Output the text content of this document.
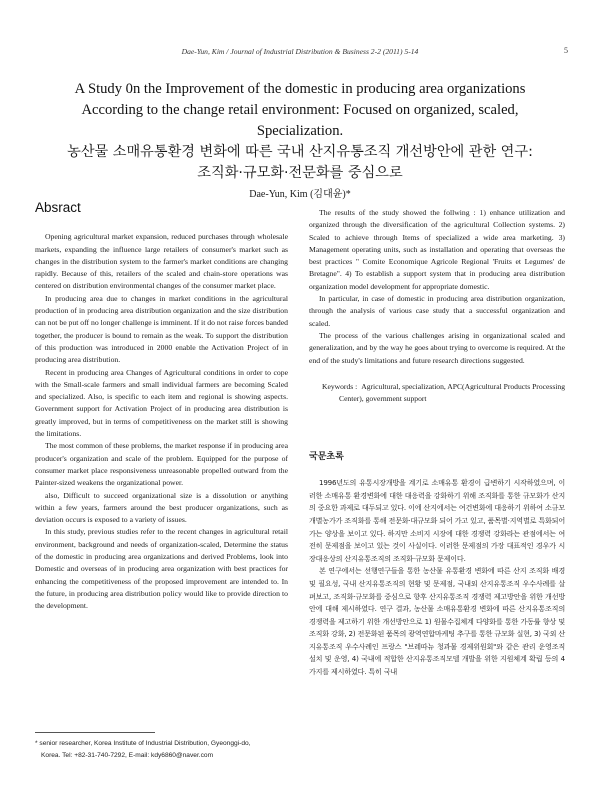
Dae-Yun, Kim / Journal of Industrial Distribution & Business 2-2 (2011) 5-14	5
A Study 0n the Improvement of the domestic in producing area organizations
According to the change retail environment: Focused on organized, scaled,
Specialization.
농산물 소매유통환경 변화에 따른 국내 산지유통조직 개선방안에 관한 연구:
조직화·규모화·전문화를 중심으로
Dae-Yun, Kim (김대윤)*
Absract

Opening agricultural market expansion, reduced purchases through wholesale markets, expanding the influence large retailers of consumer's market such as changes in the distribution system to the farmer's market conditions are changing rapidly. Because of this, retailers of the scaled and chain-store operations was centered on distribution environmental changes of the consumer market place.

In producing area due to changes in market conditions in the agricultural production of in producing area distribution organization and the size distribution can not be put off no longer challenge is imminent. If it do not raise forces banded together, the producer is bound to remain as the weak. To support the distribution of this production was introduced in 2000 enable the Activation Project of in producing area distribution.

Recent in producing area Changes of Agricultural conditions in order to cope with the Small-scale farmers and small individual farmers are becoming Scaled and specialized. Also, is specific to each item and regional is showing aspects. Government support for Activation Project of in producing area distribution is greatly improved, but in terms of competitiveness on the market still is showing the limitations.

The most common of these problems, the market response if in producing area producer's organization and scale of the problem. Equipped for the purpose of consumer market place responsiveness unreasonable propelled outward from the Painter-sized weakens the organizational power.

also, Difficult to succeed organizational size is a dissolution or anything within a few years, farmers around the best producer organizations, such as deviation occurs is exposed to a variety of issues.

In this study, previous studies refer to the recent changes in agricultural retail environment, background and needs of organization-scaled, Determine the status of the domestic in producing area organizations and derived Problems, look into Domestic and overseas of in producing area organization with best practices for enhancing the competitiveness of the proposed improvement are intended to. In the future, in producing area distribution policy would like to provide direction to the development.

The results of the study showed the follwing : 1) enhance utilization and organized through the diversification of the agricultural Collection systems. 2) Scaled to achieve through Items of specialized a wide area marketing. 3) Management operating units, such as installation and operating that overseas the best practices " Comite Economique Agricole Regional 'Fruits et Legumes' de Bretagne". 4) To establish a support system that in producing area distribution organization model development for appropriate domestic.

In particular, in case of domestic in producing area distribution organization, through the analysis of various case study that a successful organization and scaled.

The process of the various challenges arising in organizational scaled and generalization, and by the way he goes about trying to overcome is required. At the end of the study's limitations and future research directions suggested.

Keywords : Agricultural, specialization, APC(Agricultural Products Processing Center), government support
국문초록

1996년도의 유통시장개방을 계기로 소매유통 환경이 급변하기 시작하였으며, 이러한 소매유통 환경변화에 대한 대응력을 강화하기 위해 조직화를 통한 규모화가 산지의 중요한 과제로 대두되고 있다. 이에 산지에서는 여건변화에 대응하기 위하여 소규모 개별농가가 조직화를 통해 전문화·대규모화 되어 가고 있고, 품목별·지역별로 특화되어 가는 양상을 보이고 있다. 하지만 소비지 시장에 대한 경쟁력 강화라는 관점에서는 여전히 문제점을 보이고 있는 것이 사실이다. 이러한 문제점의 가장 대표적인 경우가 시장대응상의 산지유통조직의 조직화·규모화 문제이다.

본 연구에서는 선행연구들을 통한 농산물 유통환경 변화에 따른 산지 조직화 배경 및 필요성, 국내 산지유통조직의 현황 및 문제점, 국내외 산지유통조직 우수사례를 살펴보고, 조직화·규모화를 중심으로 향후 산지유통조직 경쟁력 제고방안을 위한 개선방안에 대해 제시하였다. 연구 결과, 농산물 소매유통환경 변화에 따른 산지유통조직의 경쟁력을 제고하기 위한 개선방안으로 1) 원물수집체계 다양화를 통한 가동률 향상 및 조직화 강화, 2) 전문화된 품목의 광역연합마케팅 추구를 통한 규모화 실현, 3) 국외 산지유통조직 우수사례인 프랑스 "브레따뉴 청과물 경제위원회"와 같은 관리 운영조직 설치 및 운영, 4) 국내에 적합한 산지유통조직모델 개발을 위한 지원체계 확립 등의 4가지를 제시하였다. 특히 국내

* senior researcher, Korea Institute of Industrial Distribution, Gyeonggi-do,
Korea. Tel: +82-31-740-7292, E-mail: kdy6860@naver.com
